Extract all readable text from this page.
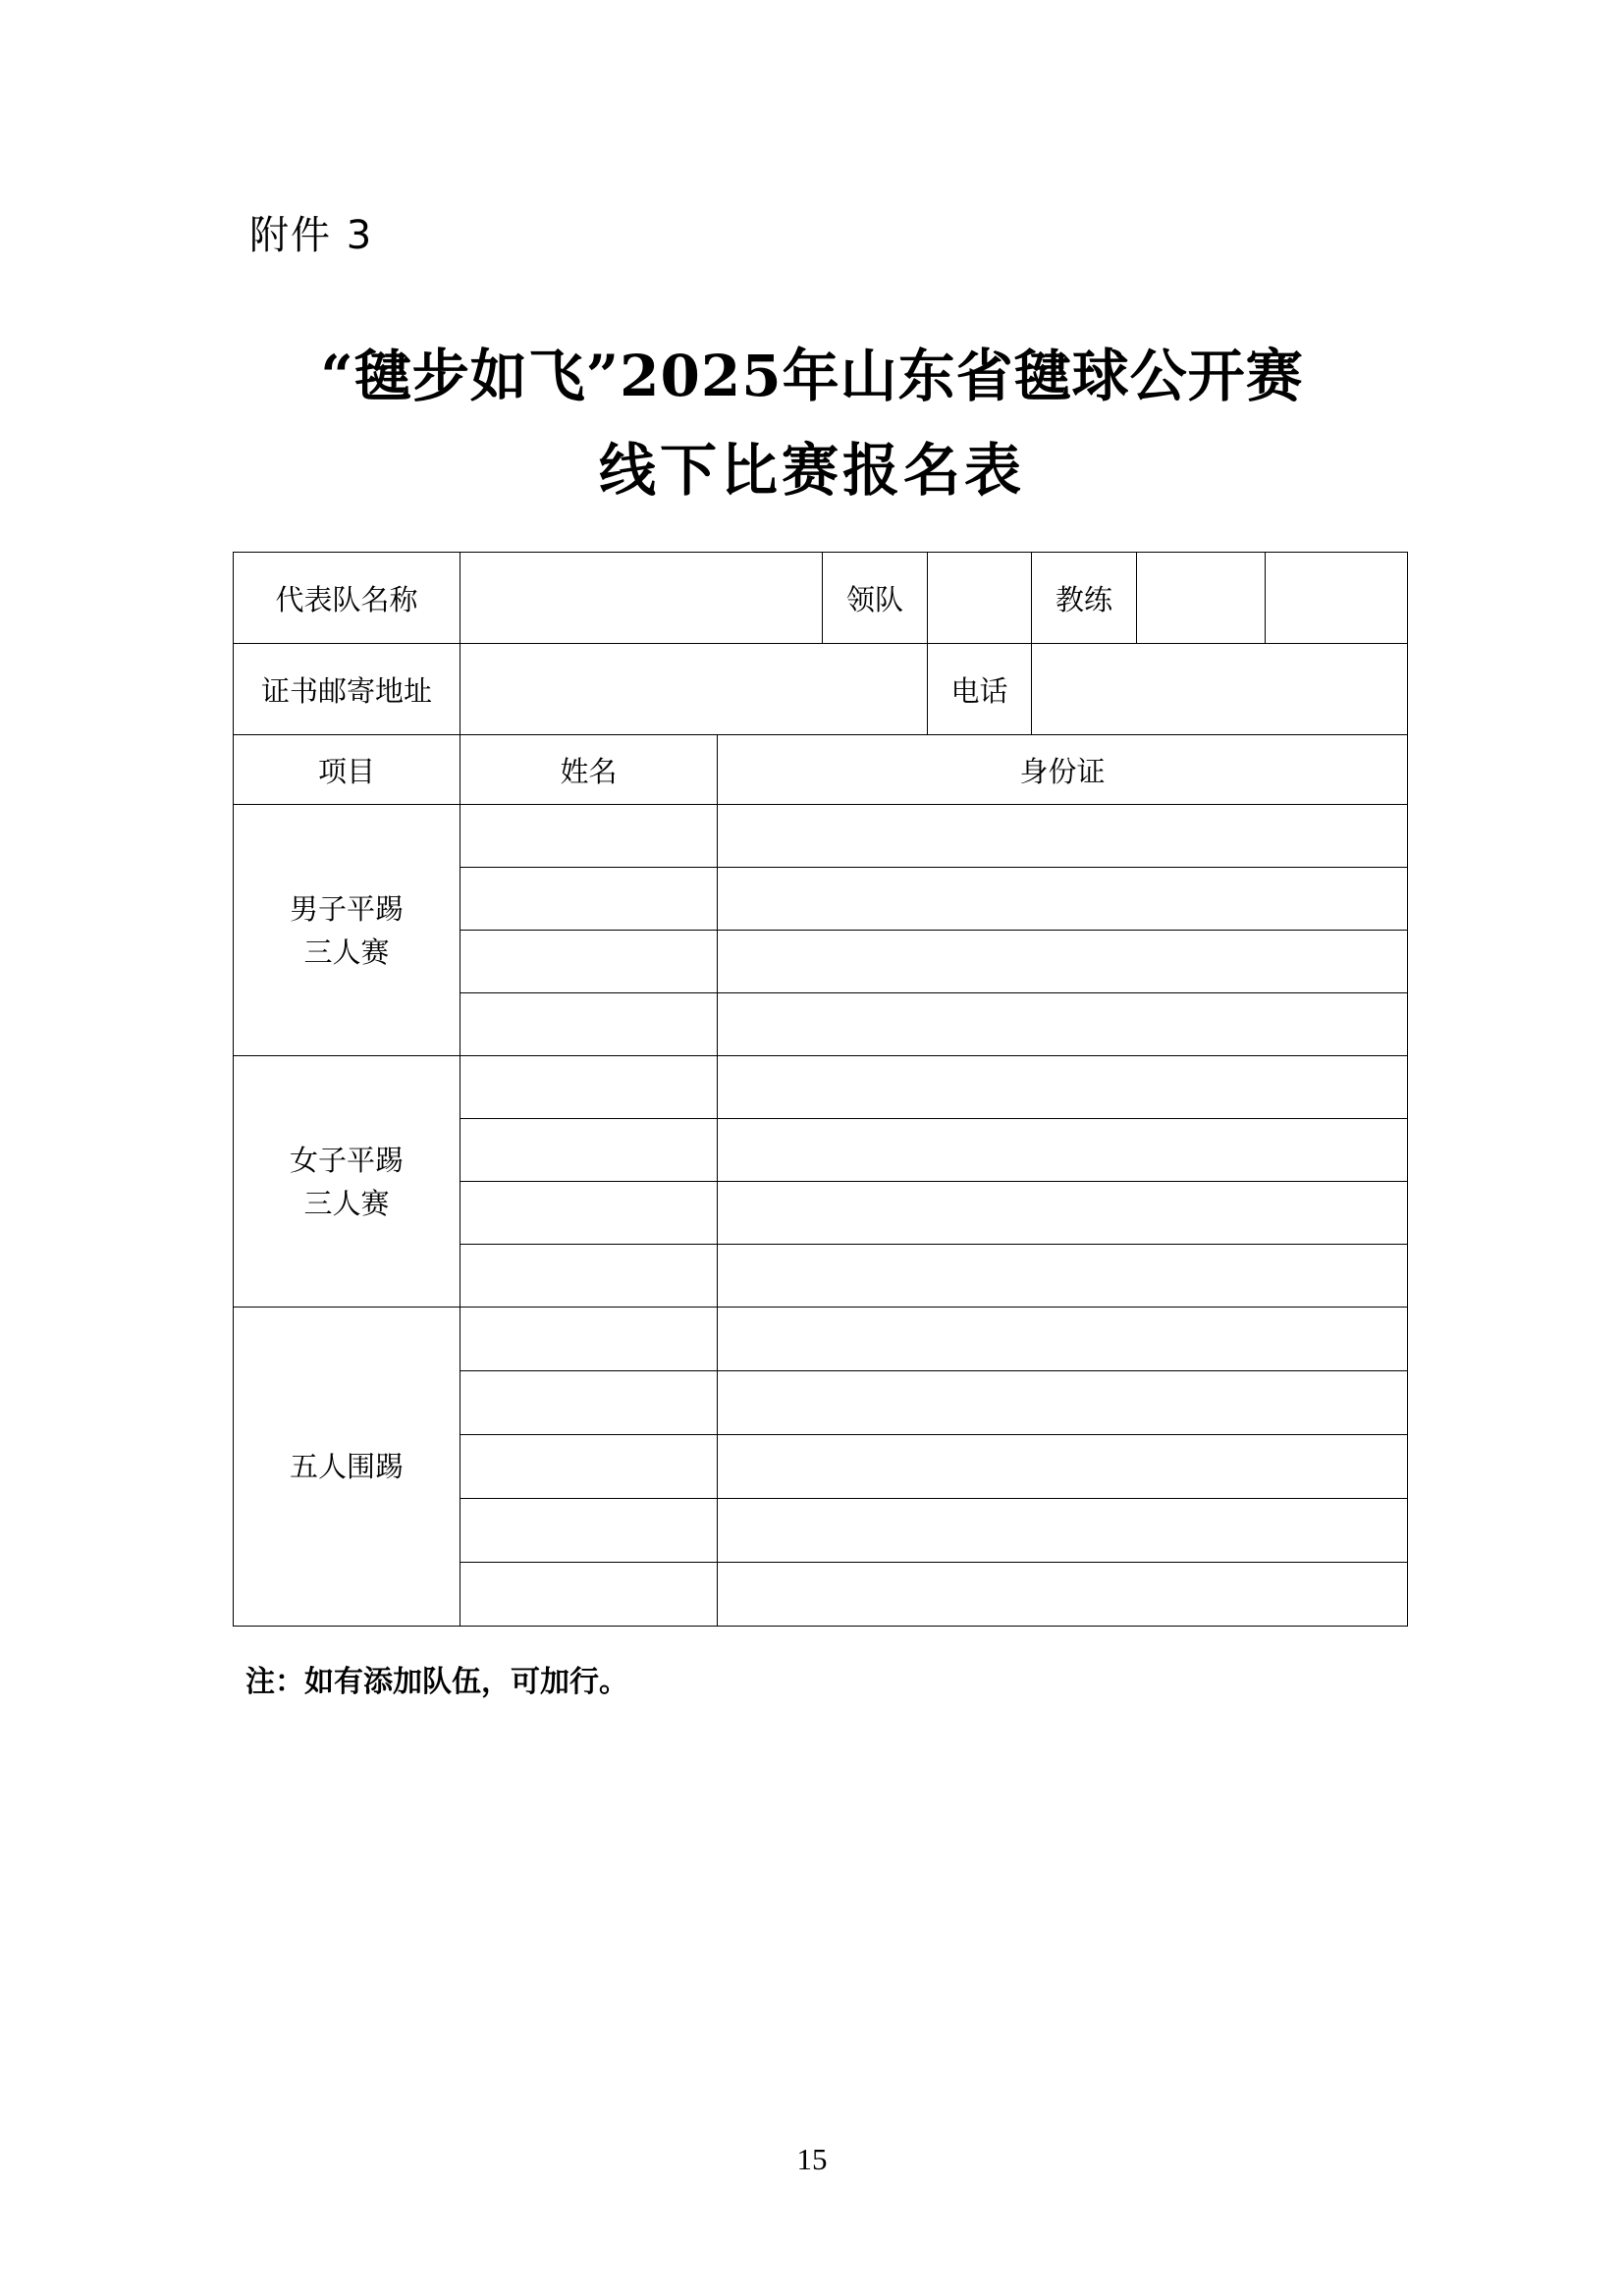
附件 3
“毽步如飞”2025年山东省毽球公开赛
线下比赛报名表
代表队名称			领队		教练		
证书邮寄地址				电话			
项目	姓名	身份证					

男子平踢
三人赛							

女子平踢
三人赛							

五人围踢							

注：如有添加队伍，可加行。
15
